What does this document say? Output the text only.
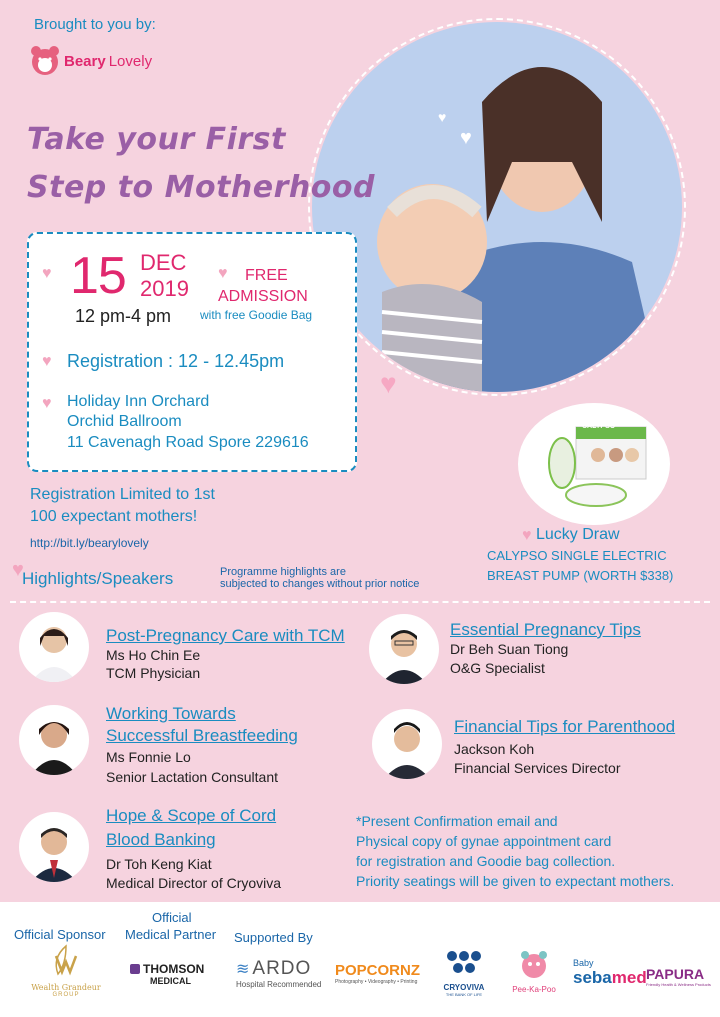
Brought to you by:
Beary Lovely
Take your First
Step to Motherhood
♥
♥
♥
♥ 15 DEC
2019
12 pm-4 pm
♥ FREE
ADMISSION
with free Goodie Bag
♥ Registration : 12 - 12.45pm
♥ Holiday Inn Orchard
Orchid Ballroom
11 Cavenagh Road Spore 229616
Registration Limited to 1st
100 expectant mothers!
http://bit.ly/bearylovely
CALYPSO
♥ Lucky Draw
CALYPSO SINGLE ELECTRIC
BREAST PUMP (WORTH $338)
♥
Highlights/Speakers	Programme highlights are
subjected to changes without prior notice
Post-Pregnancy Care with TCM
Ms Ho Chin Ee
TCM Physician
Working Towards
Successful Breastfeeding
Ms Fonnie Lo
Senior Lactation Consultant
Hope & Scope of Cord
Blood Banking
Dr Toh Keng Kiat
Medical Director of Cryoviva
Essential Pregnancy Tips
Dr Beh Suan Tiong
O&G Specialist
Financial Tips for Parenthood
Jackson Koh
Financial Services Director
*Present Confirmation email and
Physical copy of gynae appointment card
for registration and Goodie bag collection.
Priority seatings will be given to expectant mothers.
Official Sponsor
Official
Medical Partner Supported By
Wealth Grandeur
GROUP
THOMSON
MEDICAL
≋ ARDO
Hospital Recommended
POPCORNZ
Photography • Videography • Printing
CRYOVIVA
THE BANK OF LIFE
Pee-Ka-Poo
Baby
sebamed PAPURA
Friendly Health & Wellness Products
